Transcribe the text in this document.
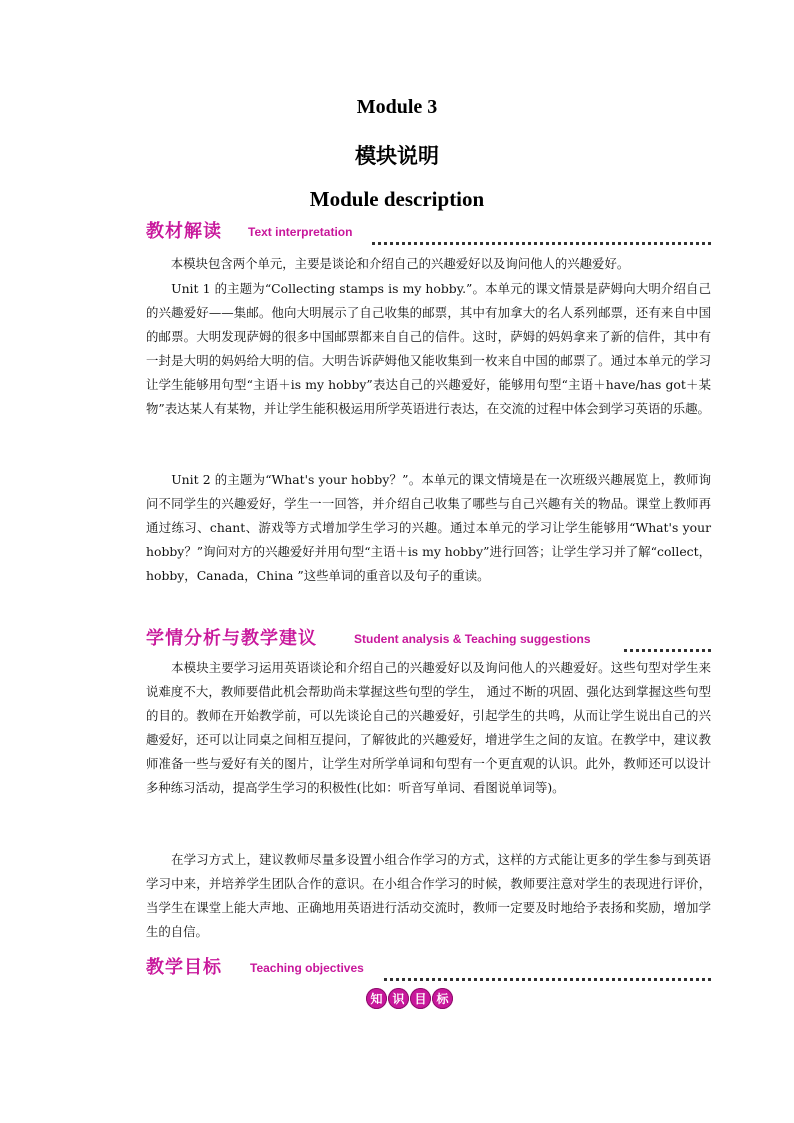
Module 3
模块说明
Module description
教材解读 Text interpretation

　　本模块包含两个单元，主要是谈论和介绍自己的兴趣爱好以及询问他人的兴趣爱好。

　　Unit 1 的主题为“Collecting stamps is my hobby.”。本单元的课文情景是萨姆向大明介绍自己的兴趣爱好——集邮。他向大明展示了自己收集的邮票，其中有加拿大的名人系列邮票，还有来自中国的邮票。大明发现萨姆的很多中国邮票都来自自己的信件。这时，萨姆的妈妈拿来了新的信件，其中有一封是大明的妈妈给大明的信。大明告诉萨姆他又能收集到一枚来自中国的邮票了。通过本单元的学习让学生能够用句型“主语＋is my hobby”表达自己的兴趣爱好，能够用句型“主语＋have/has got＋某物”表达某人有某物，并让学生能积极运用所学英语进行表达，在交流的过程中体会到学习英语的乐趣。

　　Unit 2 的主题为“What's your hobby？”。本单元的课文情境是在一次班级兴趣展览上，教师询问不同学生的兴趣爱好，学生一一回答，并介绍自己收集了哪些与自己兴趣有关的物品。课堂上教师再通过练习、chant、游戏等方式增加学生学习的兴趣。通过本单元的学习让学生能够用“What's your hobby？”询问对方的兴趣爱好并用句型“主语＋is my hobby”进行回答；让学生学习并了解“collect，hobby，Canada，China ”这些单词的重音以及句子的重读。

学情分析与教学建议	Student analysis & Teaching suggestions

　　本模块主要学习运用英语谈论和介绍自己的兴趣爱好以及询问他人的兴趣爱好。这些句型对学生来说难度不大，教师要借此机会帮助尚未掌握这些句型的学生， 通过不断的巩固、强化达到掌握这些句型的目的。教师在开始教学前，可以先谈论自己的兴趣爱好，引起学生的共鸣，从而让学生说出自己的兴趣爱好，还可以让同桌之间相互提问，了解彼此的兴趣爱好，增进学生之间的友谊。在教学中，建议教师准备一些与爱好有关的图片，让学生对所学单词和句型有一个更直观的认识。此外，教师还可以设计多种练习活动，提高学生学习的积极性(比如：听音写单词、看图说单词等)。

　　在学习方式上，建议教师尽量多设置小组合作学习的方式，这样的方式能让更多的学生参与到英语学习中来，并培养学生团队合作的意识。在小组合作学习的时候，教师要注意对学生的表现进行评价，当学生在课堂上能大声地、正确地用英语进行活动交流时，教师一定要及时地给予表扬和奖励，增加学生的自信。

教学目标 Teaching objectives
知 识 目 标
